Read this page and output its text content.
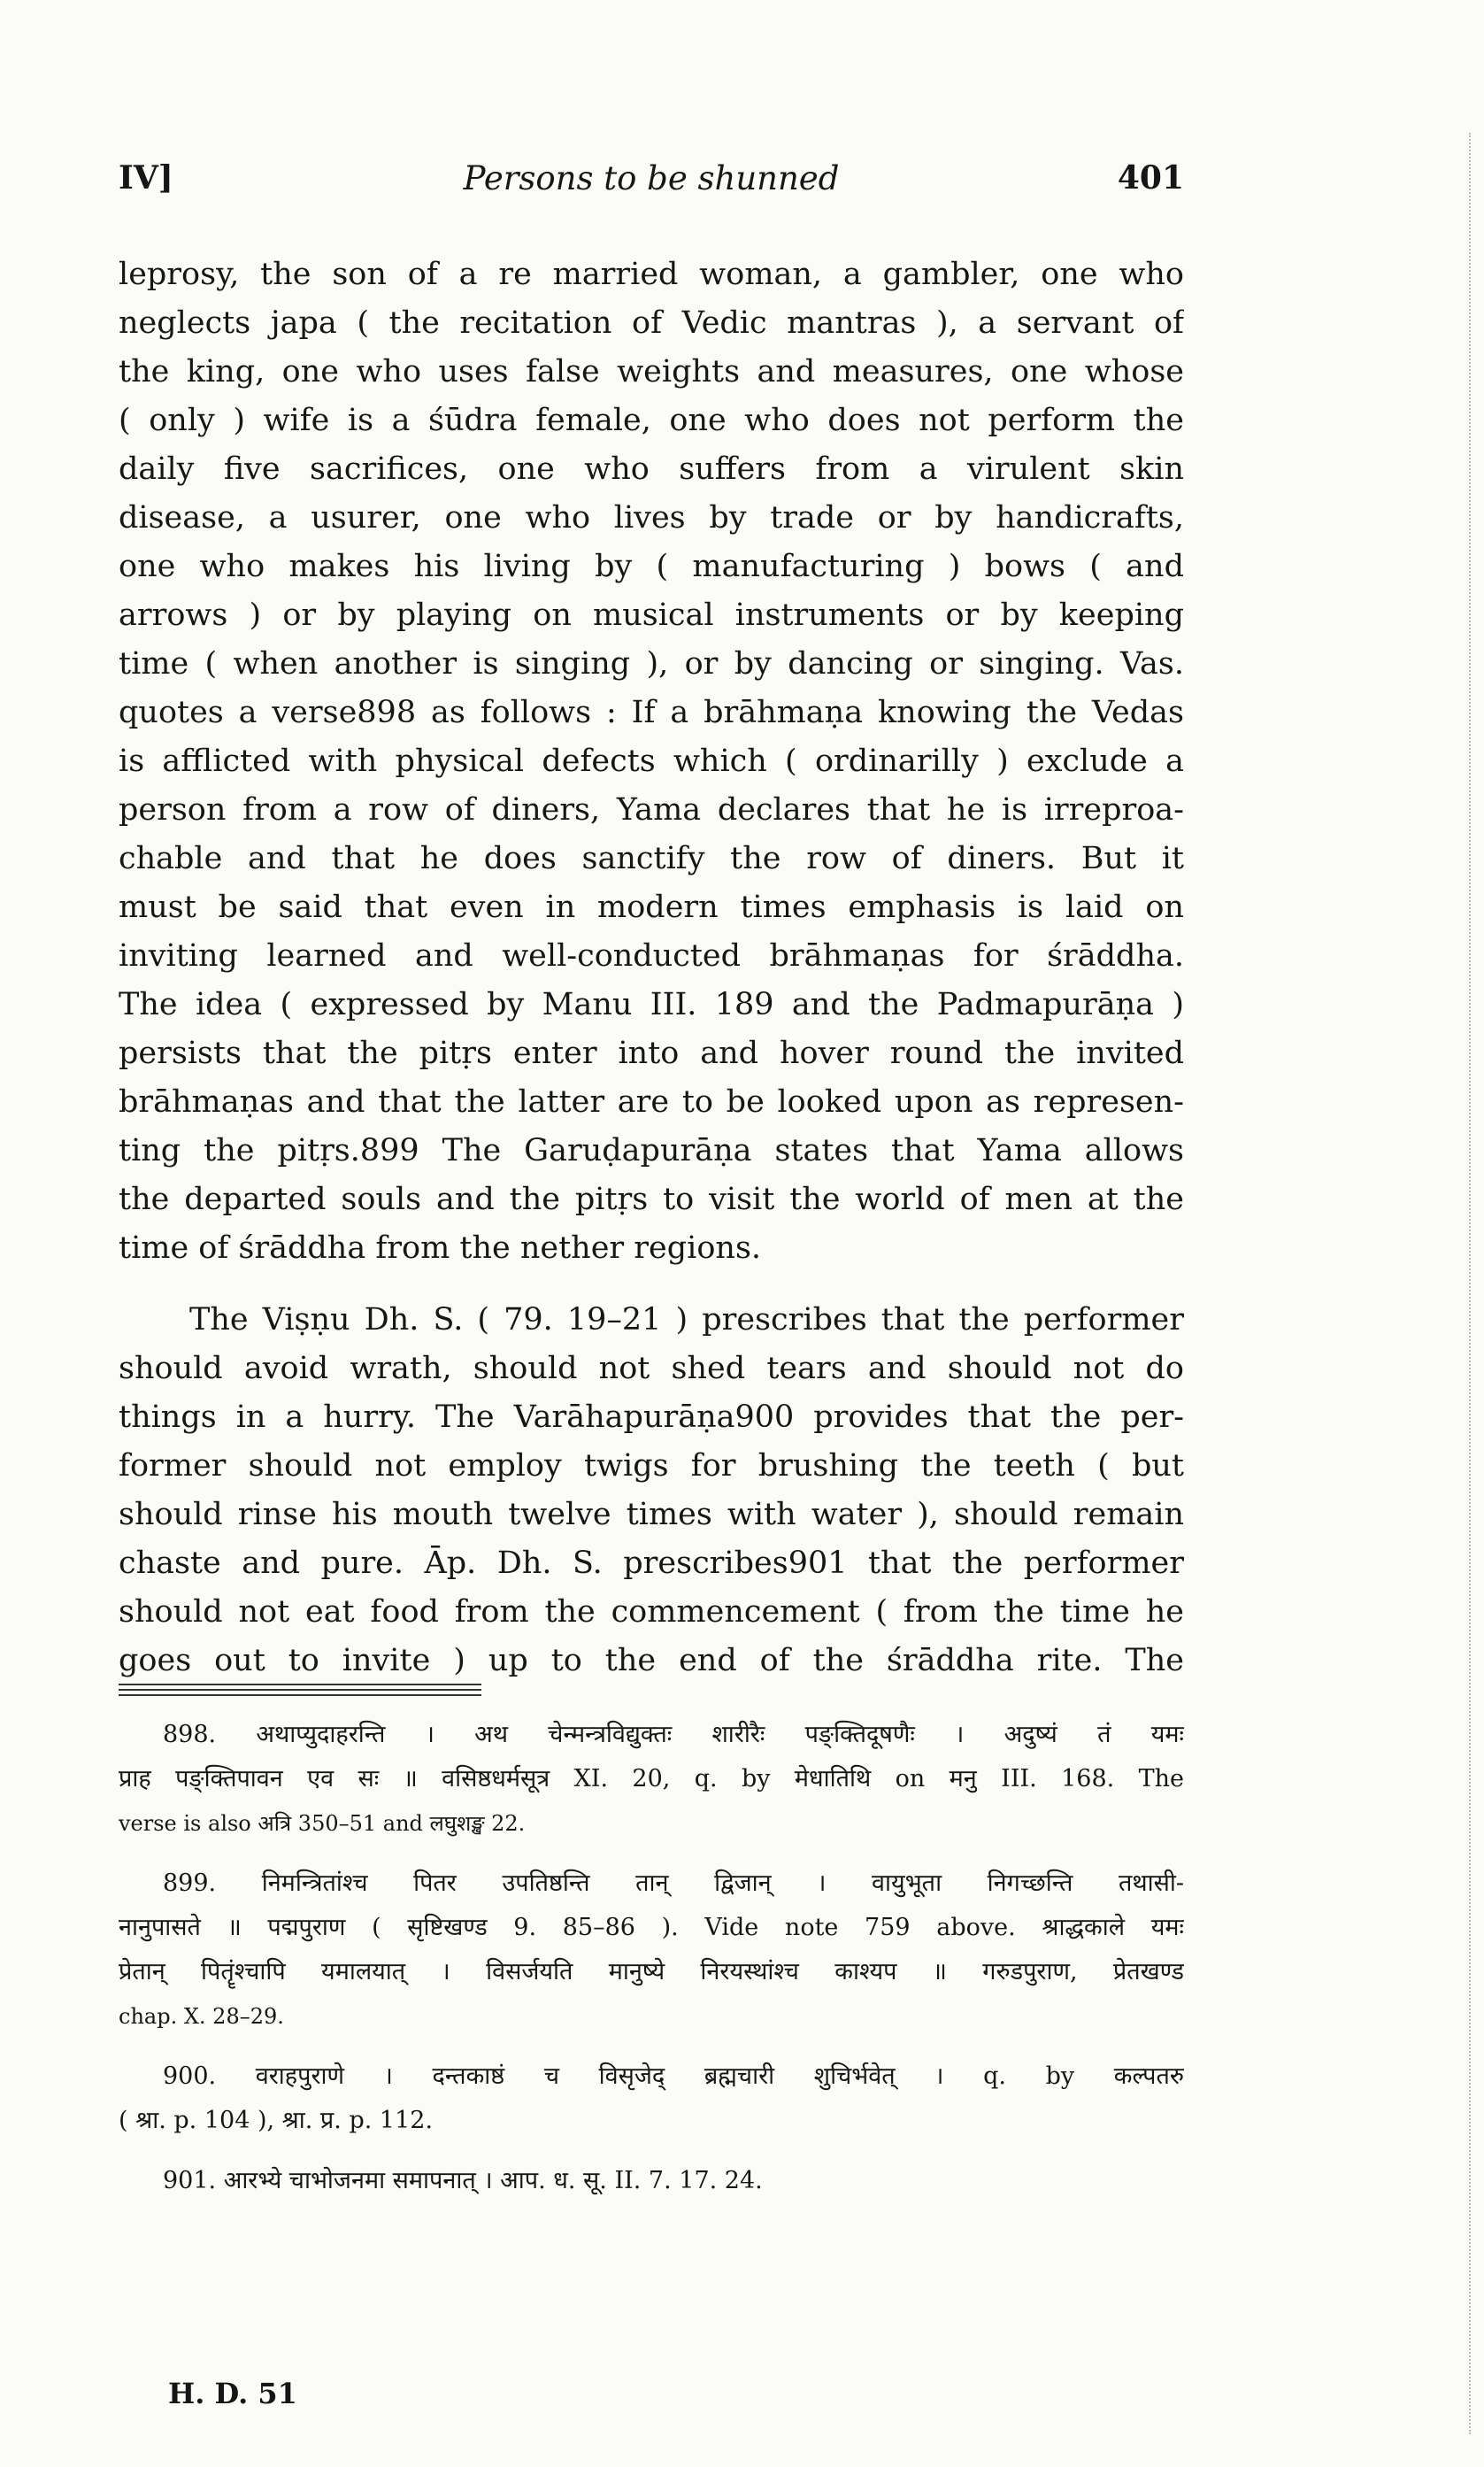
IV]	Persons to be shunned	401
leprosy, the son of a re married woman, a gambler, one who
neglects japa ( the recitation of Vedic mantras ), a servant of
the king, one who uses false weights and measures, one whose
( only ) wife is a śūdra female, one who does not perform the
daily five sacrifices, one who suffers from a virulent skin
disease, a usurer, one who lives by trade or by handicrafts,
one who makes his living by ( manufacturing ) bows ( and
arrows ) or by playing on musical instruments or by keeping
time ( when another is singing ), or by dancing or singing. Vas.
quotes a verse898 as follows : If a brāhmaṇa knowing the Vedas
is afflicted with physical defects which ( ordinarilly ) exclude a
person from a row of diners, Yama declares that he is irreproa-
chable and that he does sanctify the row of diners. But it
must be said that even in modern times emphasis is laid on
inviting learned and well-conducted brāhmaṇas for śrāddha.
The idea ( expressed by Manu III. 189 and the Padmapurāṇa )
persists that the pitṛs enter into and hover round the invited
brāhmaṇas and that the latter are to be looked upon as represen-
ting the pitṛs.899 The Garuḍapurāṇa states that Yama allows
the departed souls and the pitṛs to visit the world of men at the
time of śrāddha from the nether regions.
The Viṣṇu Dh. S. ( 79. 19–21 ) prescribes that the performer
should avoid wrath, should not shed tears and should not do
things in a hurry. The Varāhapurāṇa900 provides that the per-
former should not employ twigs for brushing the teeth ( but
should rinse his mouth twelve times with water ), should remain
chaste and pure. Āp. Dh. S. prescribes901 that the performer
should not eat food from the commencement ( from the time he
goes out to invite ) up to the end of the śrāddha rite. The
898. अथाप्युदाहरन्ति । अथ चेन्मन्त्रविद्युक्तः शारीरैः पङ्क्तिदूषणैः । अदुष्यं तं यमः
प्राह पङ्क्तिपावन एव सः ॥ वसिष्ठधर्मसूत्र XI. 20, q. by मेधातिथि on मनु III. 168. The
verse is also अत्रि 350–51 and लघुशङ्ख 22.
899. निमन्त्रितांश्च पितर उपतिष्ठन्ति तान् द्विजान् । वायुभूता निगच्छन्ति तथासी-
नानुपासते ॥ पद्मपुराण ( सृष्टिखण्ड 9. 85–86 ). Vide note 759 above. श्राद्धकाले यमः
प्रेतान् पितॄंश्चापि यमालयात् । विसर्जयति मानुष्ये निरयस्थांश्च काश्यप ॥ गरुडपुराण, प्रेतखण्ड
chap. X. 28–29.
900. वराहपुराणे । दन्तकाष्ठं च विसृजेद् ब्रह्मचारी शुचिर्भवेत् । q. by कल्पतरु
( श्रा. p. 104 ), श्रा. प्र. p. 112.
901. आरभ्ये चाभोजनमा समापनात् । आप. ध. सू. II. 7. 17. 24.
H. D. 51
